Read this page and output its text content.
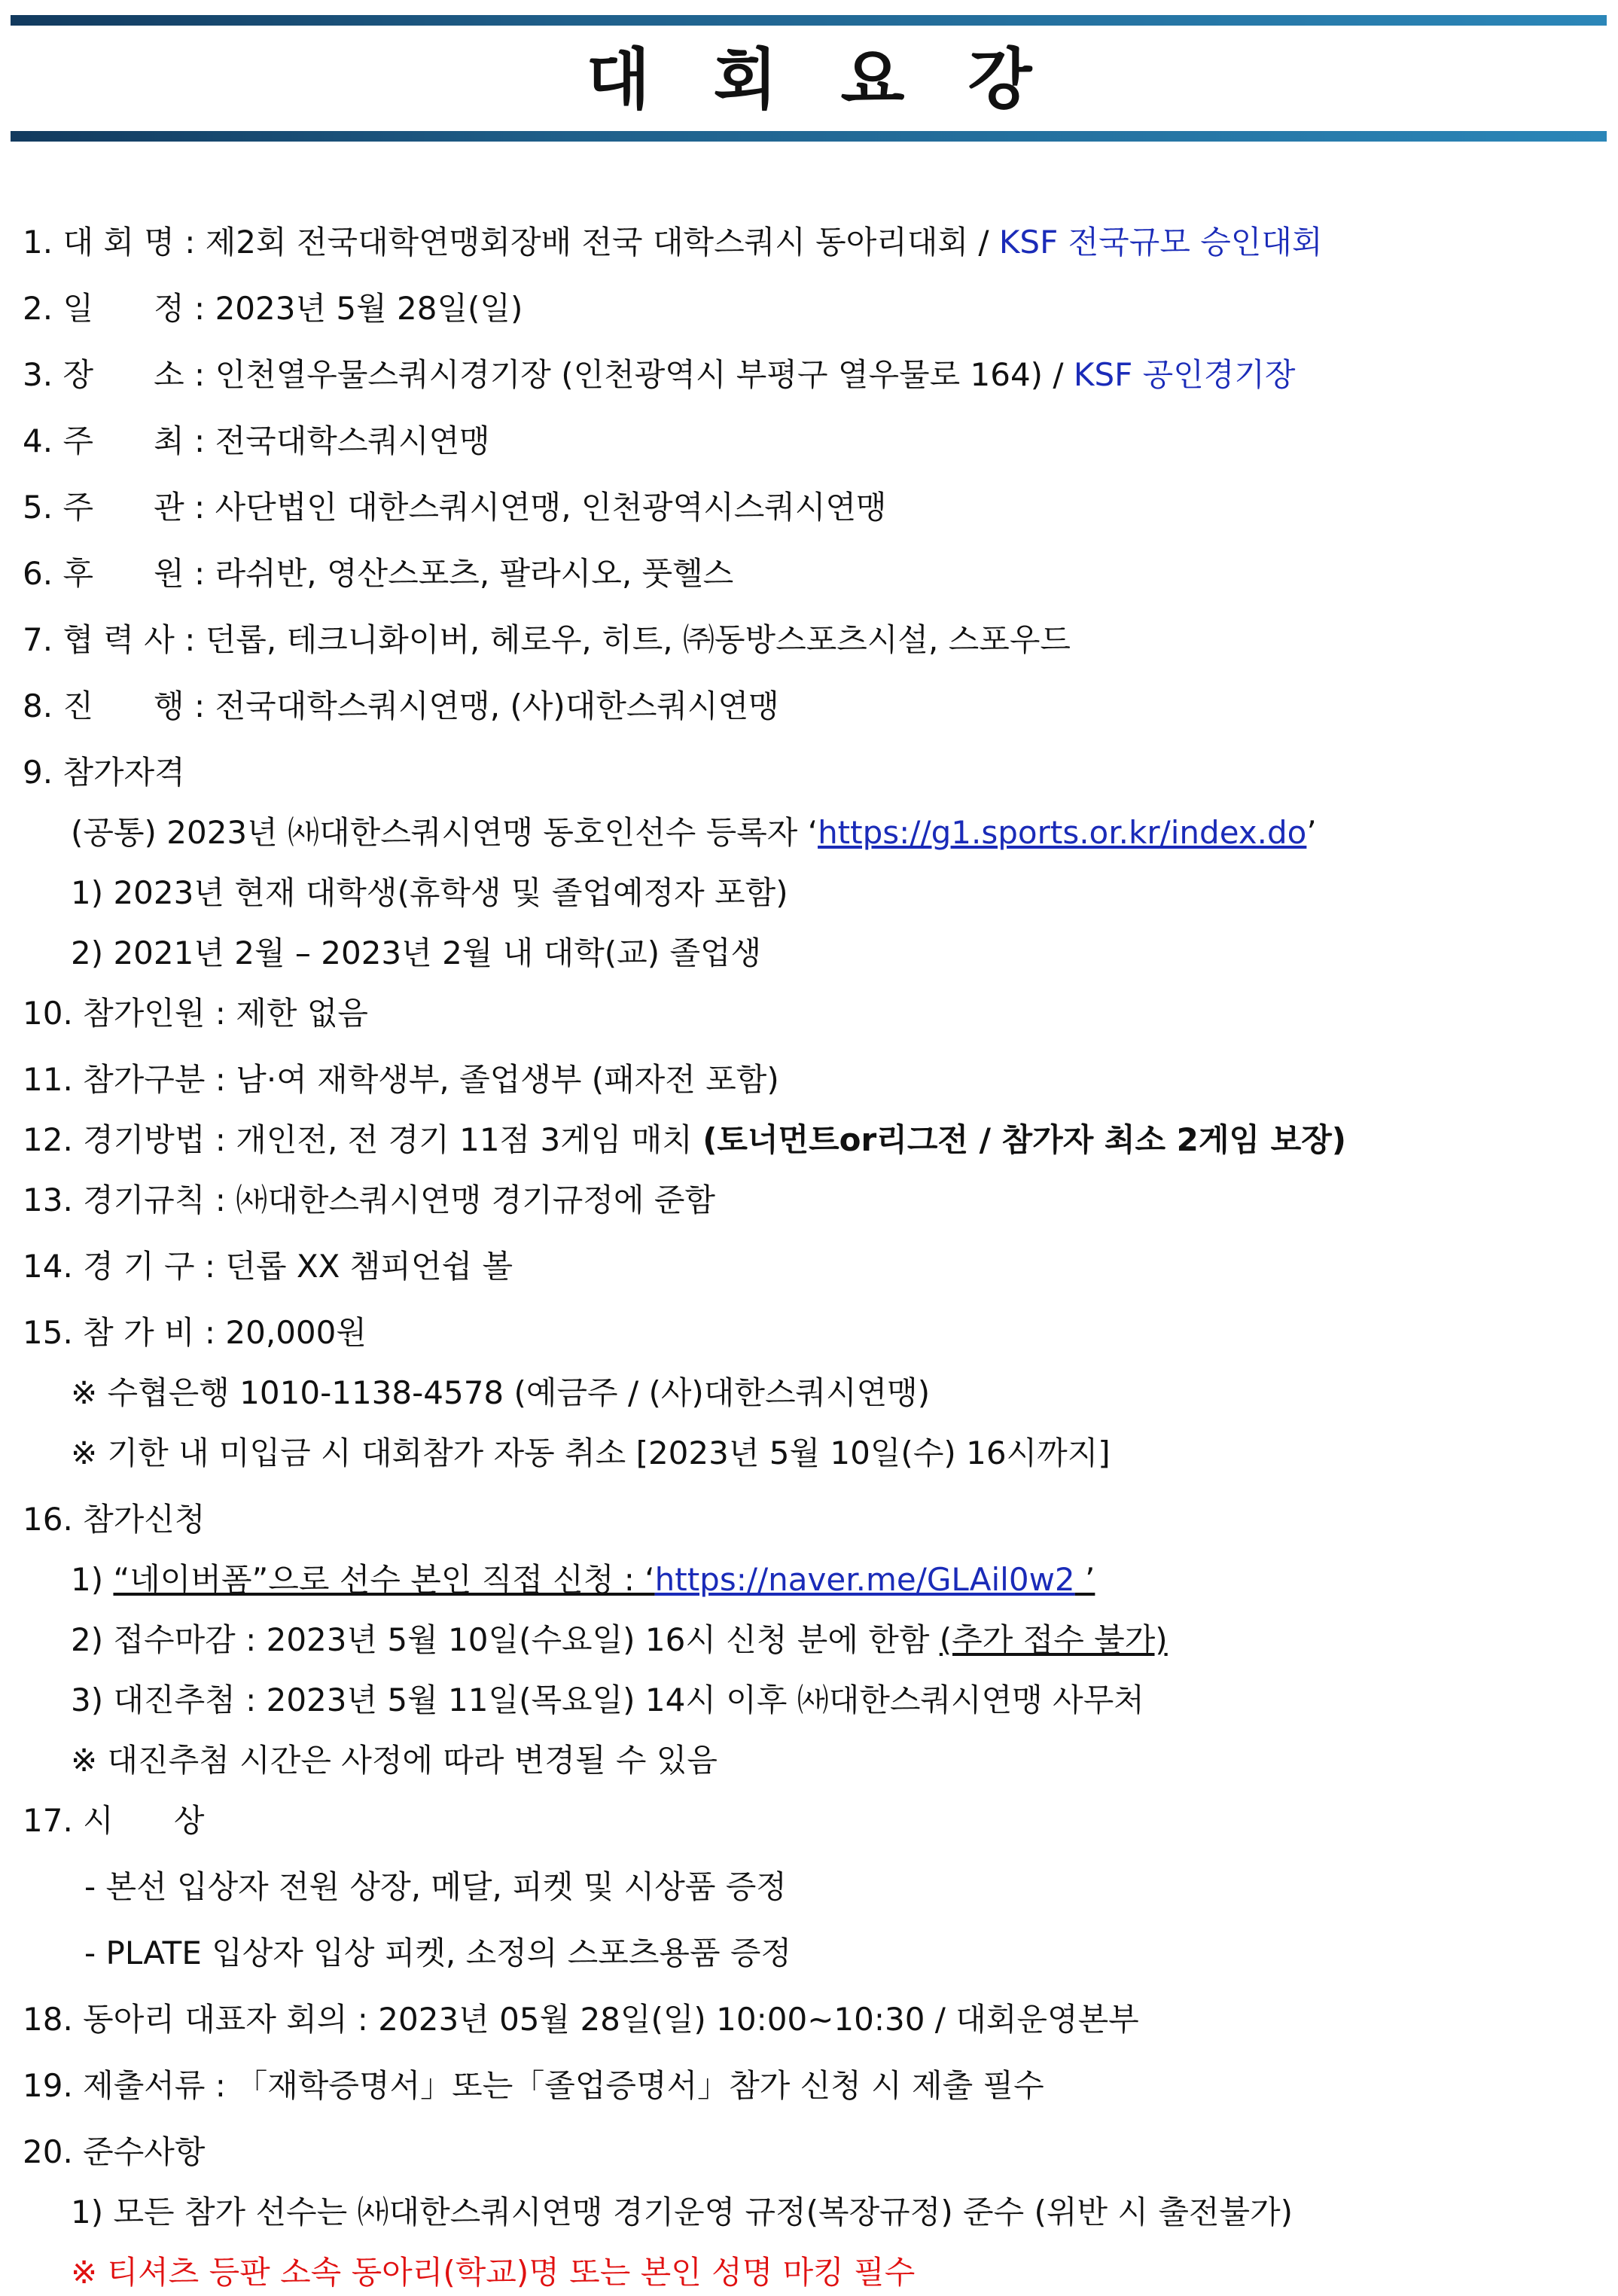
대 회 요 강
1. 대 회 명 : 제2회 전국대학연맹회장배 전국 대학스쿼시 동아리대회 / KSF 전국규모 승인대회
2. 일      정 : 2023년 5월 28일(일)
3. 장      소 : 인천열우물스쿼시경기장 (인천광역시 부평구 열우물로 164) / KSF 공인경기장
4. 주      최 : 전국대학스쿼시연맹
5. 주      관 : 사단법인 대한스쿼시연맹, 인천광역시스쿼시연맹
6. 후      원 : 라쉬반, 영산스포츠, 팔라시오, 풋헬스
7. 협 력 사 : 던롭, 테크니화이버, 헤로우, 히트, ㈜동방스포츠시설, 스포우드
8. 진      행 : 전국대학스쿼시연맹, (사)대한스쿼시연맹
9. 참가자격
(공통) 2023년 ㈔대한스쿼시연맹 동호인선수 등록자 ‘https://g1.sports.or.kr/index.do’
1) 2023년 현재 대학생(휴학생 및 졸업예정자 포함)
2) 2021년 2월 – 2023년 2월 내 대학(교) 졸업생
10. 참가인원 : 제한 없음
11. 참가구분 : 남·여 재학생부, 졸업생부 (패자전 포함)
12. 경기방법 : 개인전, 전 경기 11점 3게임 매치 (토너먼트or리그전 / 참가자 최소 2게임 보장)
13. 경기규칙 : ㈔대한스쿼시연맹 경기규정에 준함
14. 경 기 구 : 던롭 XX 챔피언쉽 볼
15. 참 가 비 : 20,000원
※ 수협은행 1010-1138-4578 (예금주 / (사)대한스쿼시연맹)
※ 기한 내 미입금 시 대회참가 자동 취소 [2023년 5월 10일(수) 16시까지]
16. 참가신청
1) “네이버폼”으로 선수 본인 직접 신청 : ‘https://naver.me/GLAil0w2 ’
2) 접수마감 : 2023년 5월 10일(수요일) 16시 신청 분에 한함 (추가 접수 불가)
3) 대진추첨 : 2023년 5월 11일(목요일) 14시 이후 ㈔대한스쿼시연맹 사무처
※ 대진추첨 시간은 사정에 따라 변경될 수 있음
17. 시      상
- 본선 입상자 전원 상장, 메달, 피켓 및 시상품 증정
- PLATE 입상자 입상 피켓, 소정의 스포츠용품 증정
18. 동아리 대표자 회의 : 2023년 05월 28일(일) 10:00~10:30 / 대회운영본부
19. 제출서류 : 「재학증명서」또는「졸업증명서」참가 신청 시 제출 필수
20. 준수사항
1) 모든 참가 선수는 ㈔대한스쿼시연맹 경기운영 규정(복장규정) 준수 (위반 시 출전불가)
※ 티셔츠 등판 소속 동아리(학교)명 또는 본인 성명 마킹 필수
